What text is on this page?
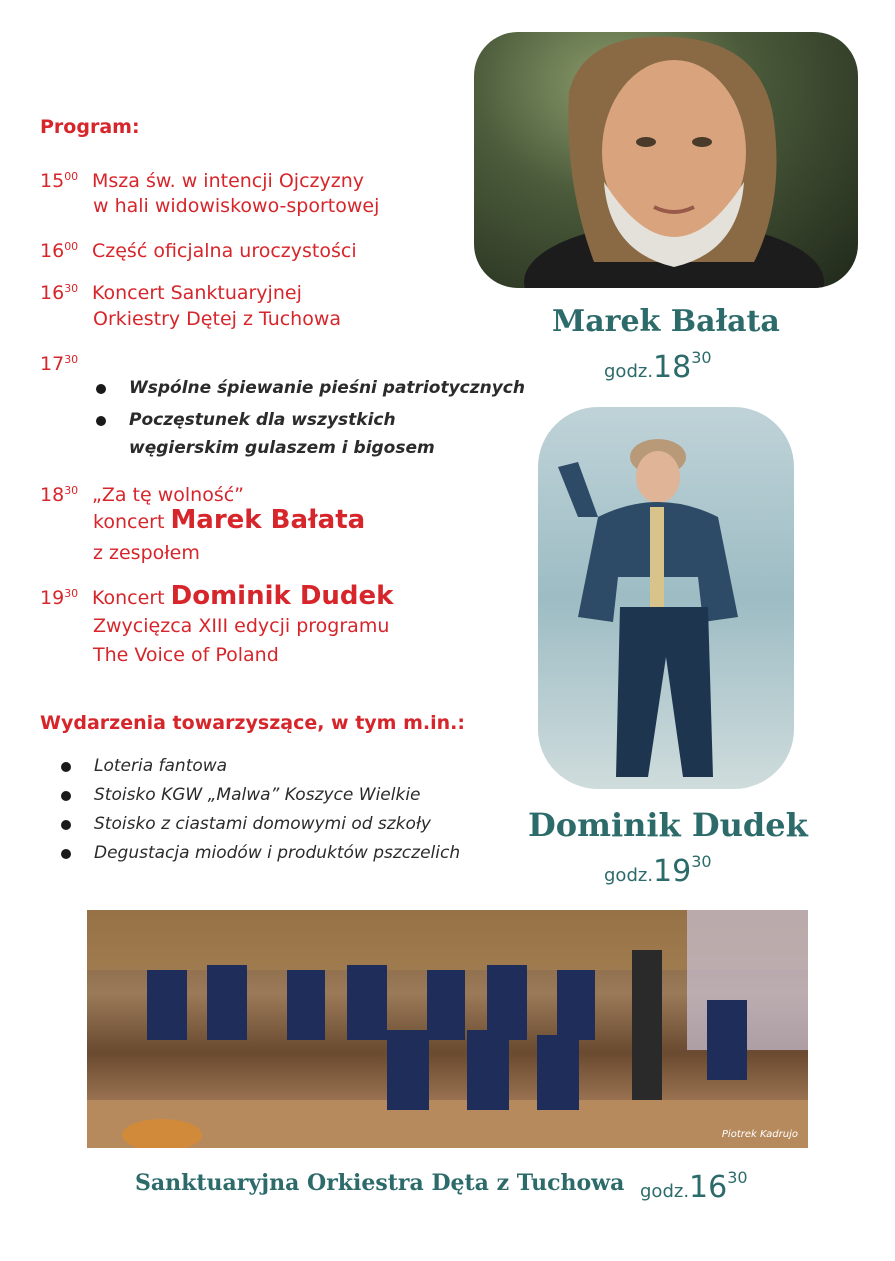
Program:
$15^{00}$ Msza św. w intencji Ojczyzny
w hali widowiskowo-sportowej
$16^{00}$ Część oficjalna uroczystości
$16^{30}$ Koncert Sanktuaryjnej
Orkiestry Dętej z Tuchowa
$17^{30}$
Wspólne śpiewanie pieśni patriotycznych
Poczęstunek dla wszystkich
węgierskim gulaszem i bigosem
$18^{30}$ „Za tę wolność”
koncert Marek Bałata
z zespołem
$19^{30}$ Koncert Dominik Dudek
Zwycięzca XIII edycji programu
The Voice of Poland
Wydarzenia towarzyszące, w tym m.in.:
Loteria fantowa
Stoisko KGW „Malwa” Koszyce Wielkie
Stoisko z ciastami domowymi od szkoły
Degustacja miodów i produktów pszczelich
Marek Bałata
$godz.18^{30}$
Dominik Dudek
$godz.19^{30}$
Piotrek Kadrujo
Sanktuaryjna Orkiestra Dęta z Tuchowa $godz.16^{30}$
